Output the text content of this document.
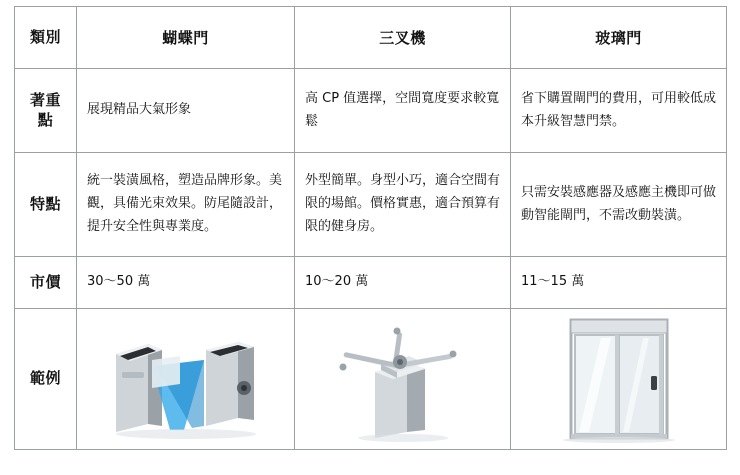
類別	蝴蝶門	三叉機	玻璃門
著重點	展現精品大氣形象	高 CP 值選擇，空間寬度要求較寬鬆	省下購置閘門的費用，可用較低成本升級智慧門禁。
特點	統一裝潢風格，塑造品牌形象。美觀，具備光束效果。防尾隨設計，提升安全性與專業度。	外型簡單。身型小巧，適合空間有限的場館。價格實惠，適合預算有限的健身房。	只需安裝感應器及感應主機即可做動智能閘門，不需改動裝潢。
市價	30〜50 萬	10〜20 萬	11〜15 萬
範例	
